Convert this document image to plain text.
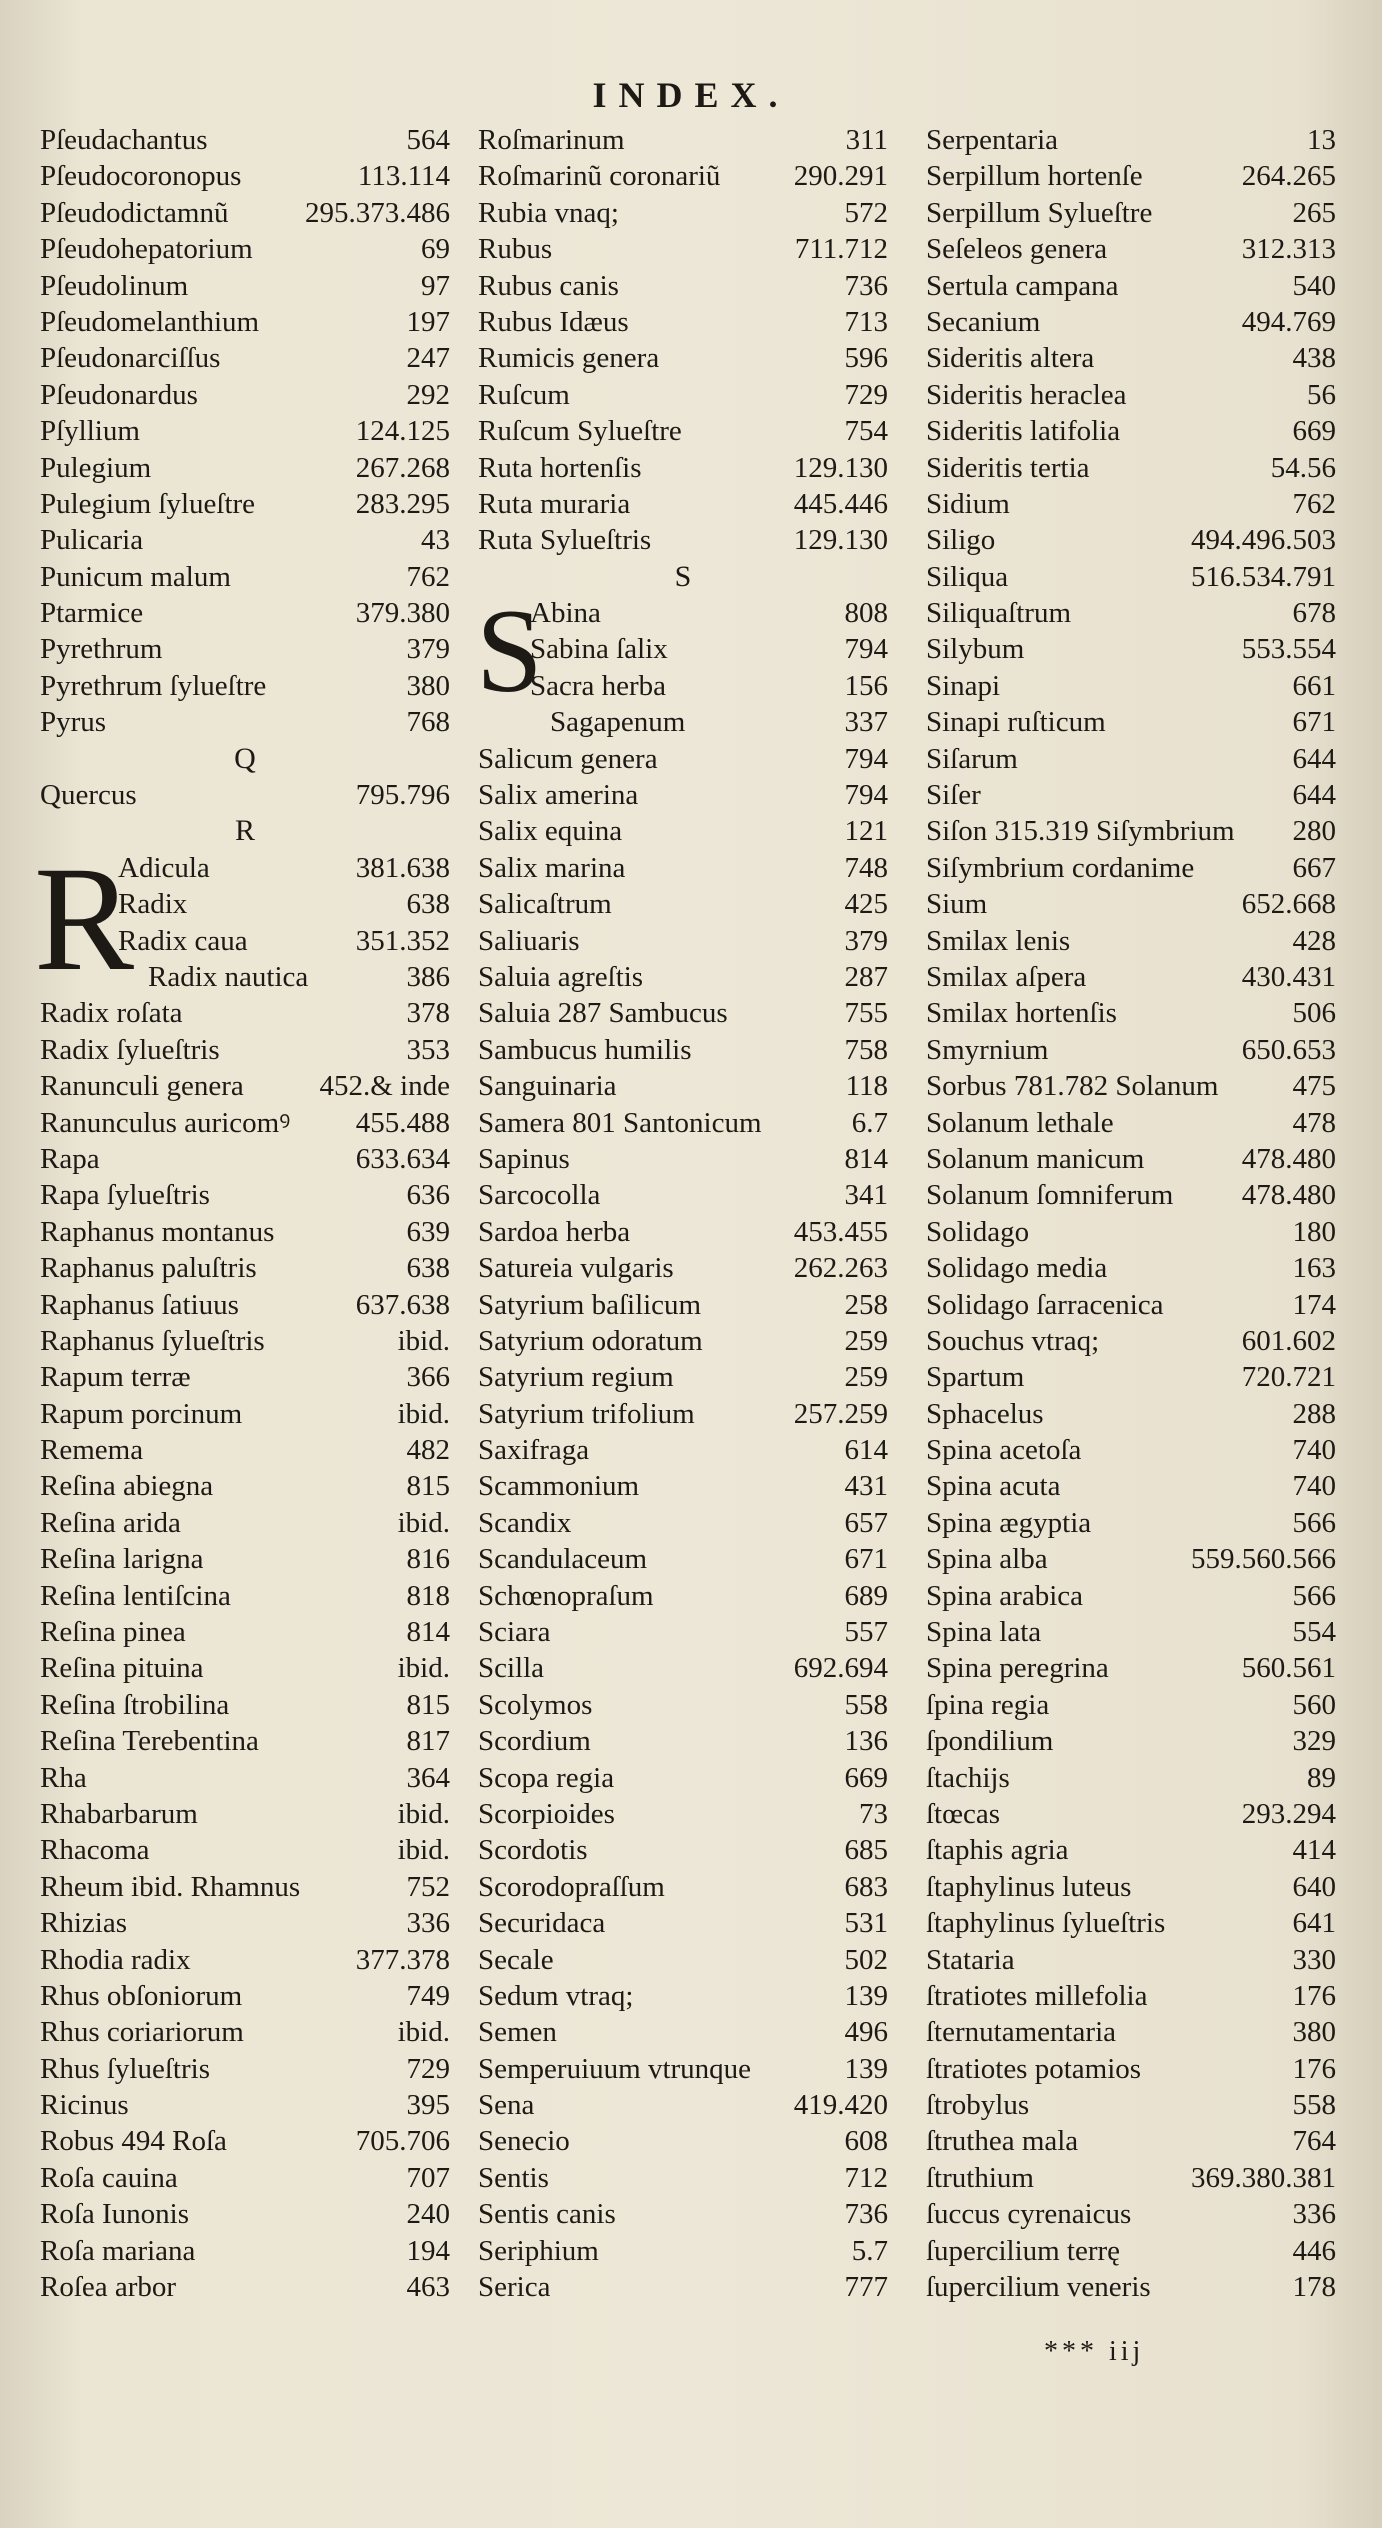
INDEX.
Pſeudachantus	564
Pſeudocoronopus	113.114
Pſeudodictamnũ	295.373.486
Pſeudohepatorium	69
Pſeudolinum	97
Pſeudomelanthium	197
Pſeudonarciſſus	247
Pſeudonardus	292
Pſyllium	124.125
Pulegium	267.268
Pulegium ſylueſtre	283.295
Pulicaria	43
Punicum malum	762
Ptarmice	379.380
Pyrethrum	379
Pyrethrum ſylueſtre	380
Pyrus	768
Q
Quercus	795.796
R
R
Adicula	381.638
Radix	638
Radix caua	351.352
Radix nautica	386
Radix roſata	378
Radix ſylueſtris	353
Ranunculi genera	452.& inde
Ranunculus auricomꝰ 455.488
Rapa	633.634
Rapa ſylueſtris	636
Raphanus montanus	639
Raphanus paluſtris	638
Raphanus ſatiuus	637.638
Raphanus ſylueſtris	ibid.
Rapum terræ	366
Rapum porcinum	ibid.
Remema	482
Reſina abiegna	815
Reſina arida	ibid.
Reſina larigna	816
Reſina lentiſcina	818
Reſina pinea	814
Reſina pituina	ibid.
Reſina ſtrobilina	815
Reſina Terebentina	817
Rha	364
Rhabarbarum	ibid.
Rhacoma	ibid.
Rheum ibid. Rhamnus	752
Rhizias	336
Rhodia radix	377.378
Rhus obſoniorum	749
Rhus coriariorum	ibid.
Rhus ſylueſtris	729
Ricinus	395
Robus 494 Roſa	705.706
Roſa cauina	707
Roſa Iunonis	240
Roſa mariana	194
Roſea arbor	463
Roſmarinum	311
Roſmarinũ coronariũ	290.291
Rubia vnaq;	572
Rubus	711.712
Rubus canis	736
Rubus Idæus	713
Rumicis genera	596
Ruſcum	729
Ruſcum Sylueſtre	754
Ruta hortenſis	129.130
Ruta muraria	445.446
Ruta Sylueſtris	129.130
S
S
Abina	808
Sabina ſalix	794
Sacra herba	156
Sagapenum	337
Salicum genera	794
Salix amerina	794
Salix equina	121
Salix marina	748
Salicaſtrum	425
Saliuaris	379
Saluia agreſtis	287
Saluia 287 Sambucus	755
Sambucus humilis	758
Sanguinaria	118
Samera 801 Santonicum	6.7
Sapinus	814
Sarcocolla	341
Sardoa herba	453.455
Satureia vulgaris	262.263
Satyrium baſilicum	258
Satyrium odoratum	259
Satyrium regium	259
Satyrium trifolium	257.259
Saxifraga	614
Scammonium	431
Scandix	657
Scandulaceum	671
Schœnopraſum	689
Sciara	557
Scilla	692.694
Scolymos	558
Scordium	136
Scopa regia	669
Scorpioides	73
Scordotis	685
Scorodopraſſum	683
Securidaca	531
Secale	502
Sedum vtraq;	139
Semen	496
Semperuiuum vtrunque	139
Sena	419.420
Senecio	608
Sentis	712
Sentis canis	736
Seriphium	5.7
Serica	777
Serpentaria	13
Serpillum hortenſe	264.265
Serpillum Sylueſtre	265
Seſeleos genera	312.313
Sertula campana	540
Secanium	494.769
Sideritis altera	438
Sideritis heraclea	56
Sideritis latifolia	669
Sideritis tertia	54.56
Sidium	762
Siligo	494.496.503
Siliqua	516.534.791
Siliquaſtrum	678
Silybum	553.554
Sinapi	661
Sinapi ruſticum	671
Siſarum	644
Siſer	644
Siſon 315.319 Siſymbrium 280
Siſymbrium cordanime	667
Sium	652.668
Smilax lenis	428
Smilax aſpera	430.431
Smilax hortenſis	506
Smyrnium	650.653
Sorbus 781.782 Solanum	475
Solanum lethale	478
Solanum manicum	478.480
Solanum ſomniferum 478.480
Solidago	180
Solidago media	163
Solidago ſarracenica	174
Souchus vtraq;	601.602
Spartum	720.721
Sphacelus	288
Spina acetoſa	740
Spina acuta	740
Spina ægyptia	566
Spina alba	559.560.566
Spina arabica	566
Spina lata	554
Spina peregrina	560.561
ſpina regia	560
ſpondilium	329
ſtachijs	89
ſtœcas	293.294
ſtaphis agria	414
ſtaphylinus luteus	640
ſtaphylinus ſylueſtris	641
Stataria	330
ſtratiotes millefolia	176
ſternutamentaria	380
ſtratiotes potamios	176
ſtrobylus	558
ſtruthea mala	764
ſtruthium	369.380.381
ſuccus cyrenaicus	336
ſupercilium terrę	446
ſupercilium veneris	178
*** iij
